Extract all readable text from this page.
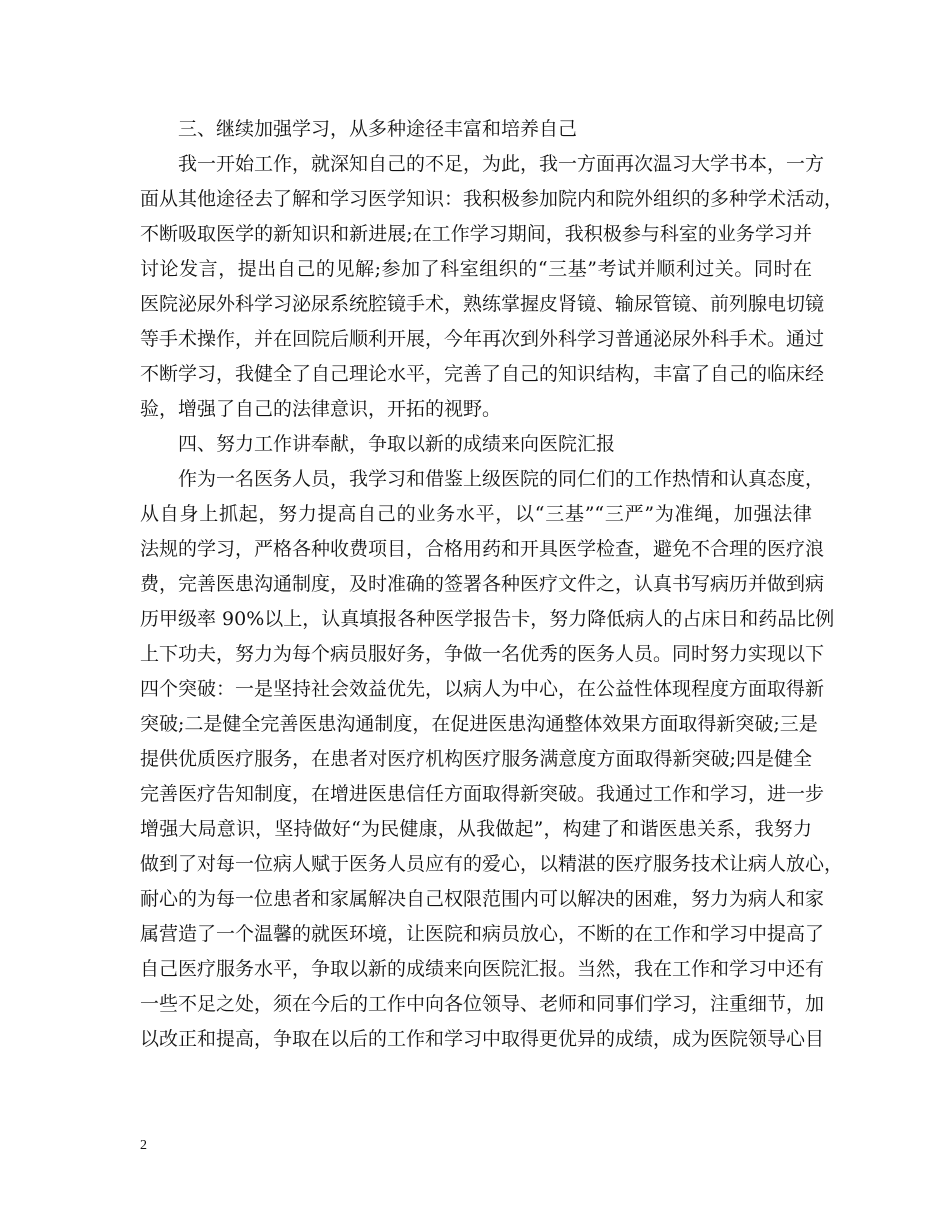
三、继续加强学习，从多种途径丰富和培养自己
我一开始工作，就深知自己的不足，为此，我一方面再次温习大学书本，一方
面从其他途径去了解和学习医学知识：我积极参加院内和院外组织的多种学术活动，
不断吸取医学的新知识和新进展;在工作学习期间，我积极参与科室的业务学习并
讨论发言，提出自己的见解;参加了科室组织的“三基”考试并顺利过关。同时在
医院泌尿外科学习泌尿系统腔镜手术，熟练掌握皮肾镜、输尿管镜、前列腺电切镜
等手术操作，并在回院后顺利开展，今年再次到外科学习普通泌尿外科手术。通过
不断学习，我健全了自己理论水平，完善了自己的知识结构，丰富了自己的临床经
验，增强了自己的法律意识，开拓的视野。
四、努力工作讲奉献，争取以新的成绩来向医院汇报
作为一名医务人员，我学习和借鉴上级医院的同仁们的工作热情和认真态度，
从自身上抓起，努力提高自己的业务水平，以“三基”“三严”为准绳，加强法律
法规的学习，严格各种收费项目，合格用药和开具医学检查，避免不合理的医疗浪
费，完善医患沟通制度，及时准确的签署各种医疗文件之，认真书写病历并做到病
历甲级率 90%以上，认真填报各种医学报告卡，努力降低病人的占床日和药品比例
上下功夫，努力为每个病员服好务，争做一名优秀的医务人员。同时努力实现以下
四个突破：一是坚持社会效益优先，以病人为中心，在公益性体现程度方面取得新
突破;二是健全完善医患沟通制度，在促进医患沟通整体效果方面取得新突破;三是
提供优质医疗服务，在患者对医疗机构医疗服务满意度方面取得新突破;四是健全
完善医疗告知制度，在增进医患信任方面取得新突破。我通过工作和学习，进一步
增强大局意识，坚持做好“为民健康，从我做起”，构建了和谐医患关系，我努力
做到了对每一位病人赋于医务人员应有的爱心，以精湛的医疗服务技术让病人放心，
耐心的为每一位患者和家属解决自己权限范围内可以解决的困难，努力为病人和家
属营造了一个温馨的就医环境，让医院和病员放心，不断的在工作和学习中提高了
自己医疗服务水平，争取以新的成绩来向医院汇报。当然，我在工作和学习中还有
一些不足之处，须在今后的工作中向各位领导、老师和同事们学习，注重细节，加
以改正和提高，争取在以后的工作和学习中取得更优异的成绩，成为医院领导心目
2
